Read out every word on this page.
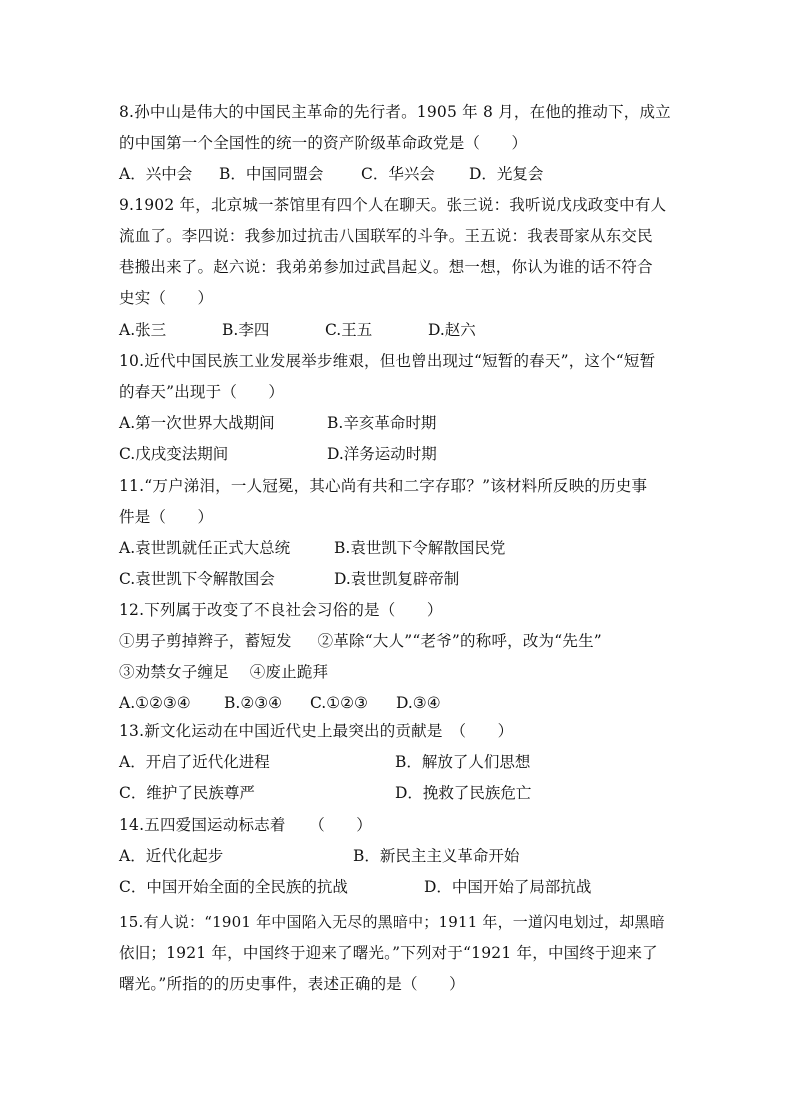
8.孙中山是伟大的中国民主革命的先行者。1905 年 8 月，在他的推动下，成立
的中国第一个全国性的统一的资产阶级革命政党是（　　）
A．兴中会 B．中国同盟会 C．华兴会 D．光复会
9.1902 年，北京城一茶馆里有四个人在聊天。张三说：我听说戊戌政变中有人
流血了。李四说：我参加过抗击八国联军的斗争。王五说：我表哥家从东交民
巷搬出来了。赵六说：我弟弟参加过武昌起义。想一想，你认为谁的话不符合
史实（　　）
A.张三	B.李四	C.王五	D.赵六
10.近代中国民族工业发展举步维艰，但也曾出现过“短暂的春天”，这个“短暂
的春天”出现于（　　）
A.第一次世界大战期间	B.辛亥革命时期
C.戊戌变法期间	D.洋务运动时期
11.“万户涕泪，一人冠冕，其心尚有共和二字存耶？”该材料所反映的历史事
件是（　　）
A.袁世凯就任正式大总统	B.袁世凯下令解散国民党
C.袁世凯下令解散国会	D.袁世凯复辟帝制
12.下列属于改变了不良社会习俗的是（　　）
①男子剪掉辫子，蓄短发　  ②革除“大人”“老爷”的称呼，改为“先生”
③劝禁女子缠足　 ④废止跪拜
A.①②③④ B.②③④ C.①②③ D.③④
13.新文化运动在中国近代史上最突出的贡献是　（　　）
A．开启了近代化进程	B．解放了人们思想
C．维护了民族尊严	D．挽救了民族危亡
14.五四爱国运动标志着　　（　　）
A．近代化起步	B．新民主主义革命开始
C．中国开始全面的全民族的抗战	D．中国开始了局部抗战
15.有人说：“1901 年中国陷入无尽的黑暗中；1911 年，一道闪电划过，却黑暗
依旧；1921 年，中国终于迎来了曙光。”下列对于“1921 年，中国终于迎来了
曙光。”所指的的历史事件，表述正确的是（　　）
